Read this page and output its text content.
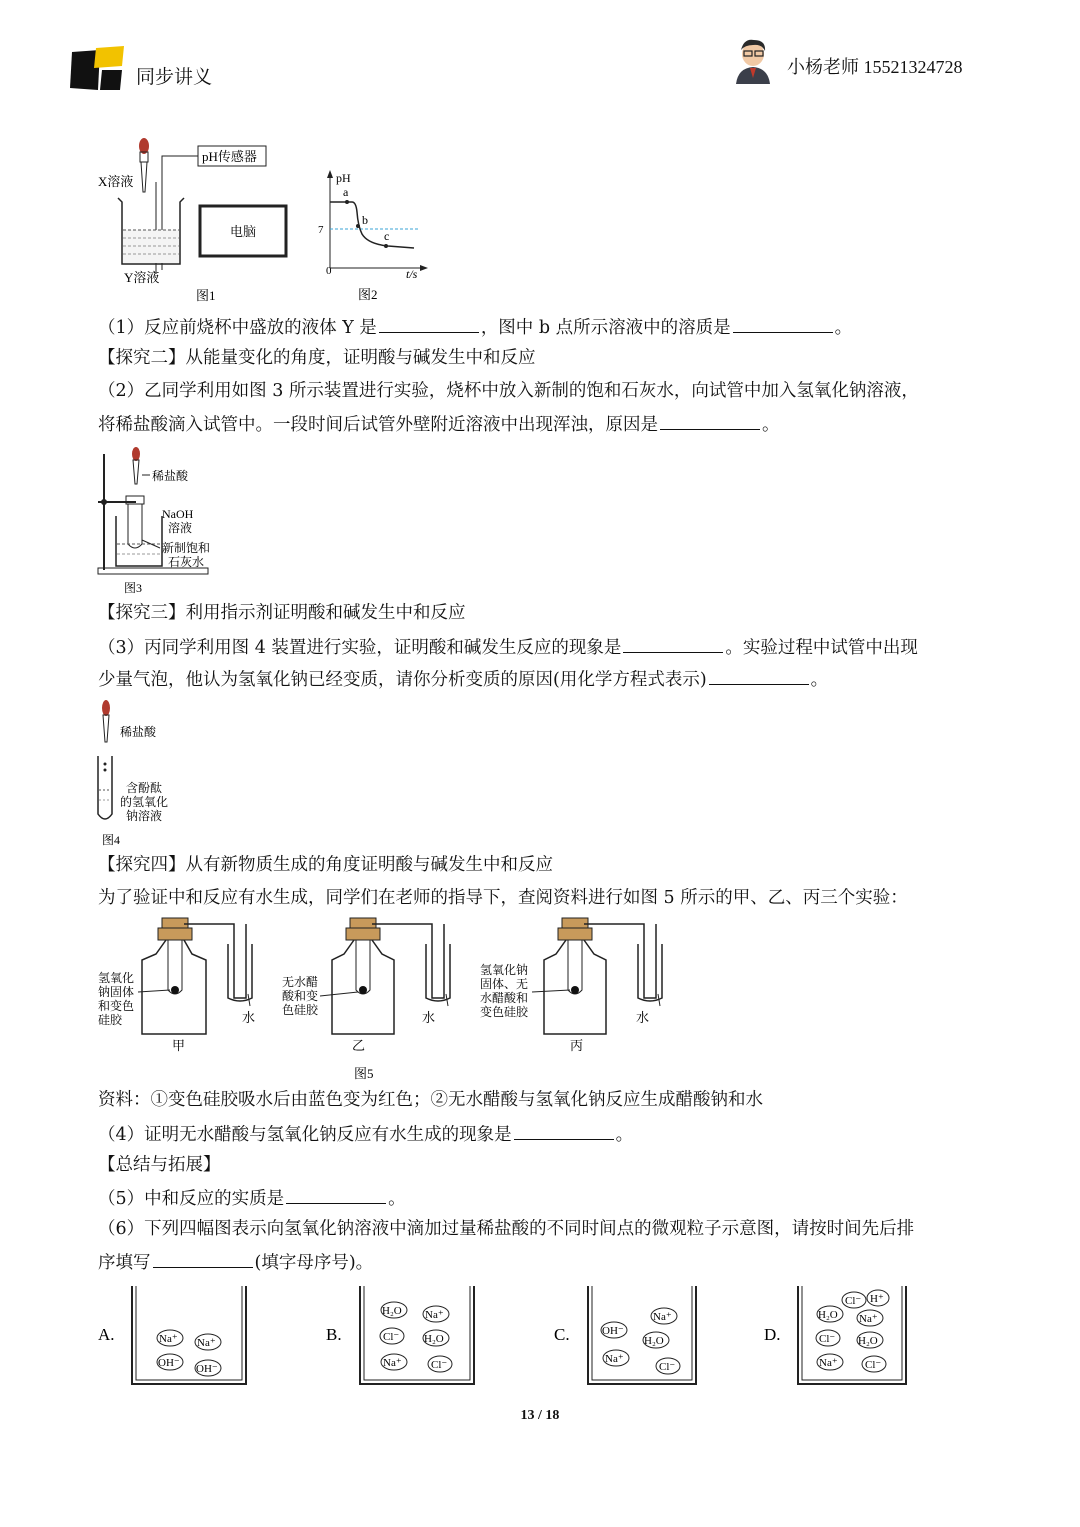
同步讲义	小杨老师 15521324728
X溶液
pH传感器
Y溶液
电脑
图1
pH
t/s
0
7
a
b
c
图2
（1）反应前烧杯中盛放的液体 Y 是	，图中 b 点所示溶液中的溶质是	。
【探究二】从能量变化的角度，证明酸与碱发生中和反应
（2）乙同学利用如图 3 所示装置进行实验，烧杯中放入新制的饱和石灰水，向试管中加入氢氧化钠溶液，
将稀盐酸滴入试管中。一段时间后试管外壁附近溶液中出现浑浊，原因是	。
稀盐酸
NaOH
溶液
新制饱和
石灰水
图3
【探究三】利用指示剂证明酸和碱发生中和反应
（3）丙同学利用图 4 装置进行实验，证明酸和碱发生反应的现象是	。实验过程中试管中出现
少量气泡，他认为氢氧化钠已经变质，请你分析变质的原因(用化学方程式表示)	。
稀盐酸
含酚酞
的氢氧化
钠溶液
图4
【探究四】从有新物质生成的角度证明酸与碱发生中和反应
为了验证中和反应有水生成，同学们在老师的指导下，查阅资料进行如图 5 所示的甲、乙、丙三个实验：
水
氢氧化
钠固体
和变色
硅胶
甲
水
无水醋
酸和变
色硅胶
乙
水
氢氧化钠
固体、无
水醋酸和
变色硅胶
丙
图5
资料：①变色硅胶吸水后由蓝色变为红色；②无水醋酸与氢氧化钠反应生成醋酸钠和水
（4）证明无水醋酸与氢氧化钠反应有水生成的现象是	。
【总结与拓展】
（5）中和反应的实质是	。
（6）下列四幅图表示向氢氧化钠溶液中滴加过量稀盐酸的不同时间点的微观粒子示意图，请按时间先后排
序填写	(填字母序号)。
A.	Na⁺ Na⁺
OH⁻ OH⁻
B.
H₂O Na⁺
Cl⁻ H₂O
Na⁺	Cl⁻
C.
Na⁺
OH⁻
H₂O
Na⁺
Cl⁻
D.
Cl⁻ H⁺
H₂O Na⁺
Cl⁻ H₂O
Na⁺ Cl⁻
13 / 18
